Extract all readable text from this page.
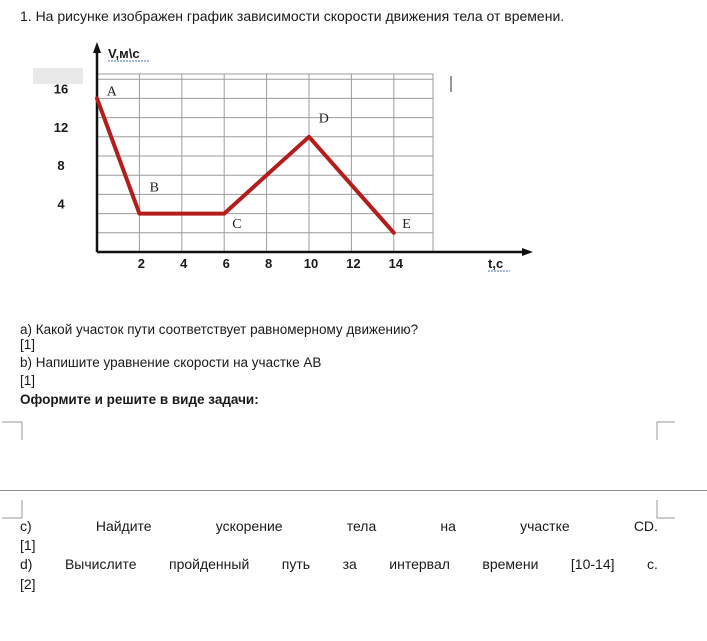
1. На рисунке изображен график зависимости скорости движения тела от времени.
2	4	6	8 10 12 14
4
8
12
16	A
B
C
D
E
V,м\с
t,c
а) Какой участок пути соответствует равномерному движению?
[1]
b) Напишите уравнение скорости на участке АВ
[1]
Оформите и решите в виде задачи:
c)	Найдите	ускорение	тела	на	участке	CD.
[1]
d) Вычислите пройденный путь за интервал времени [10-14] с.
[2]
